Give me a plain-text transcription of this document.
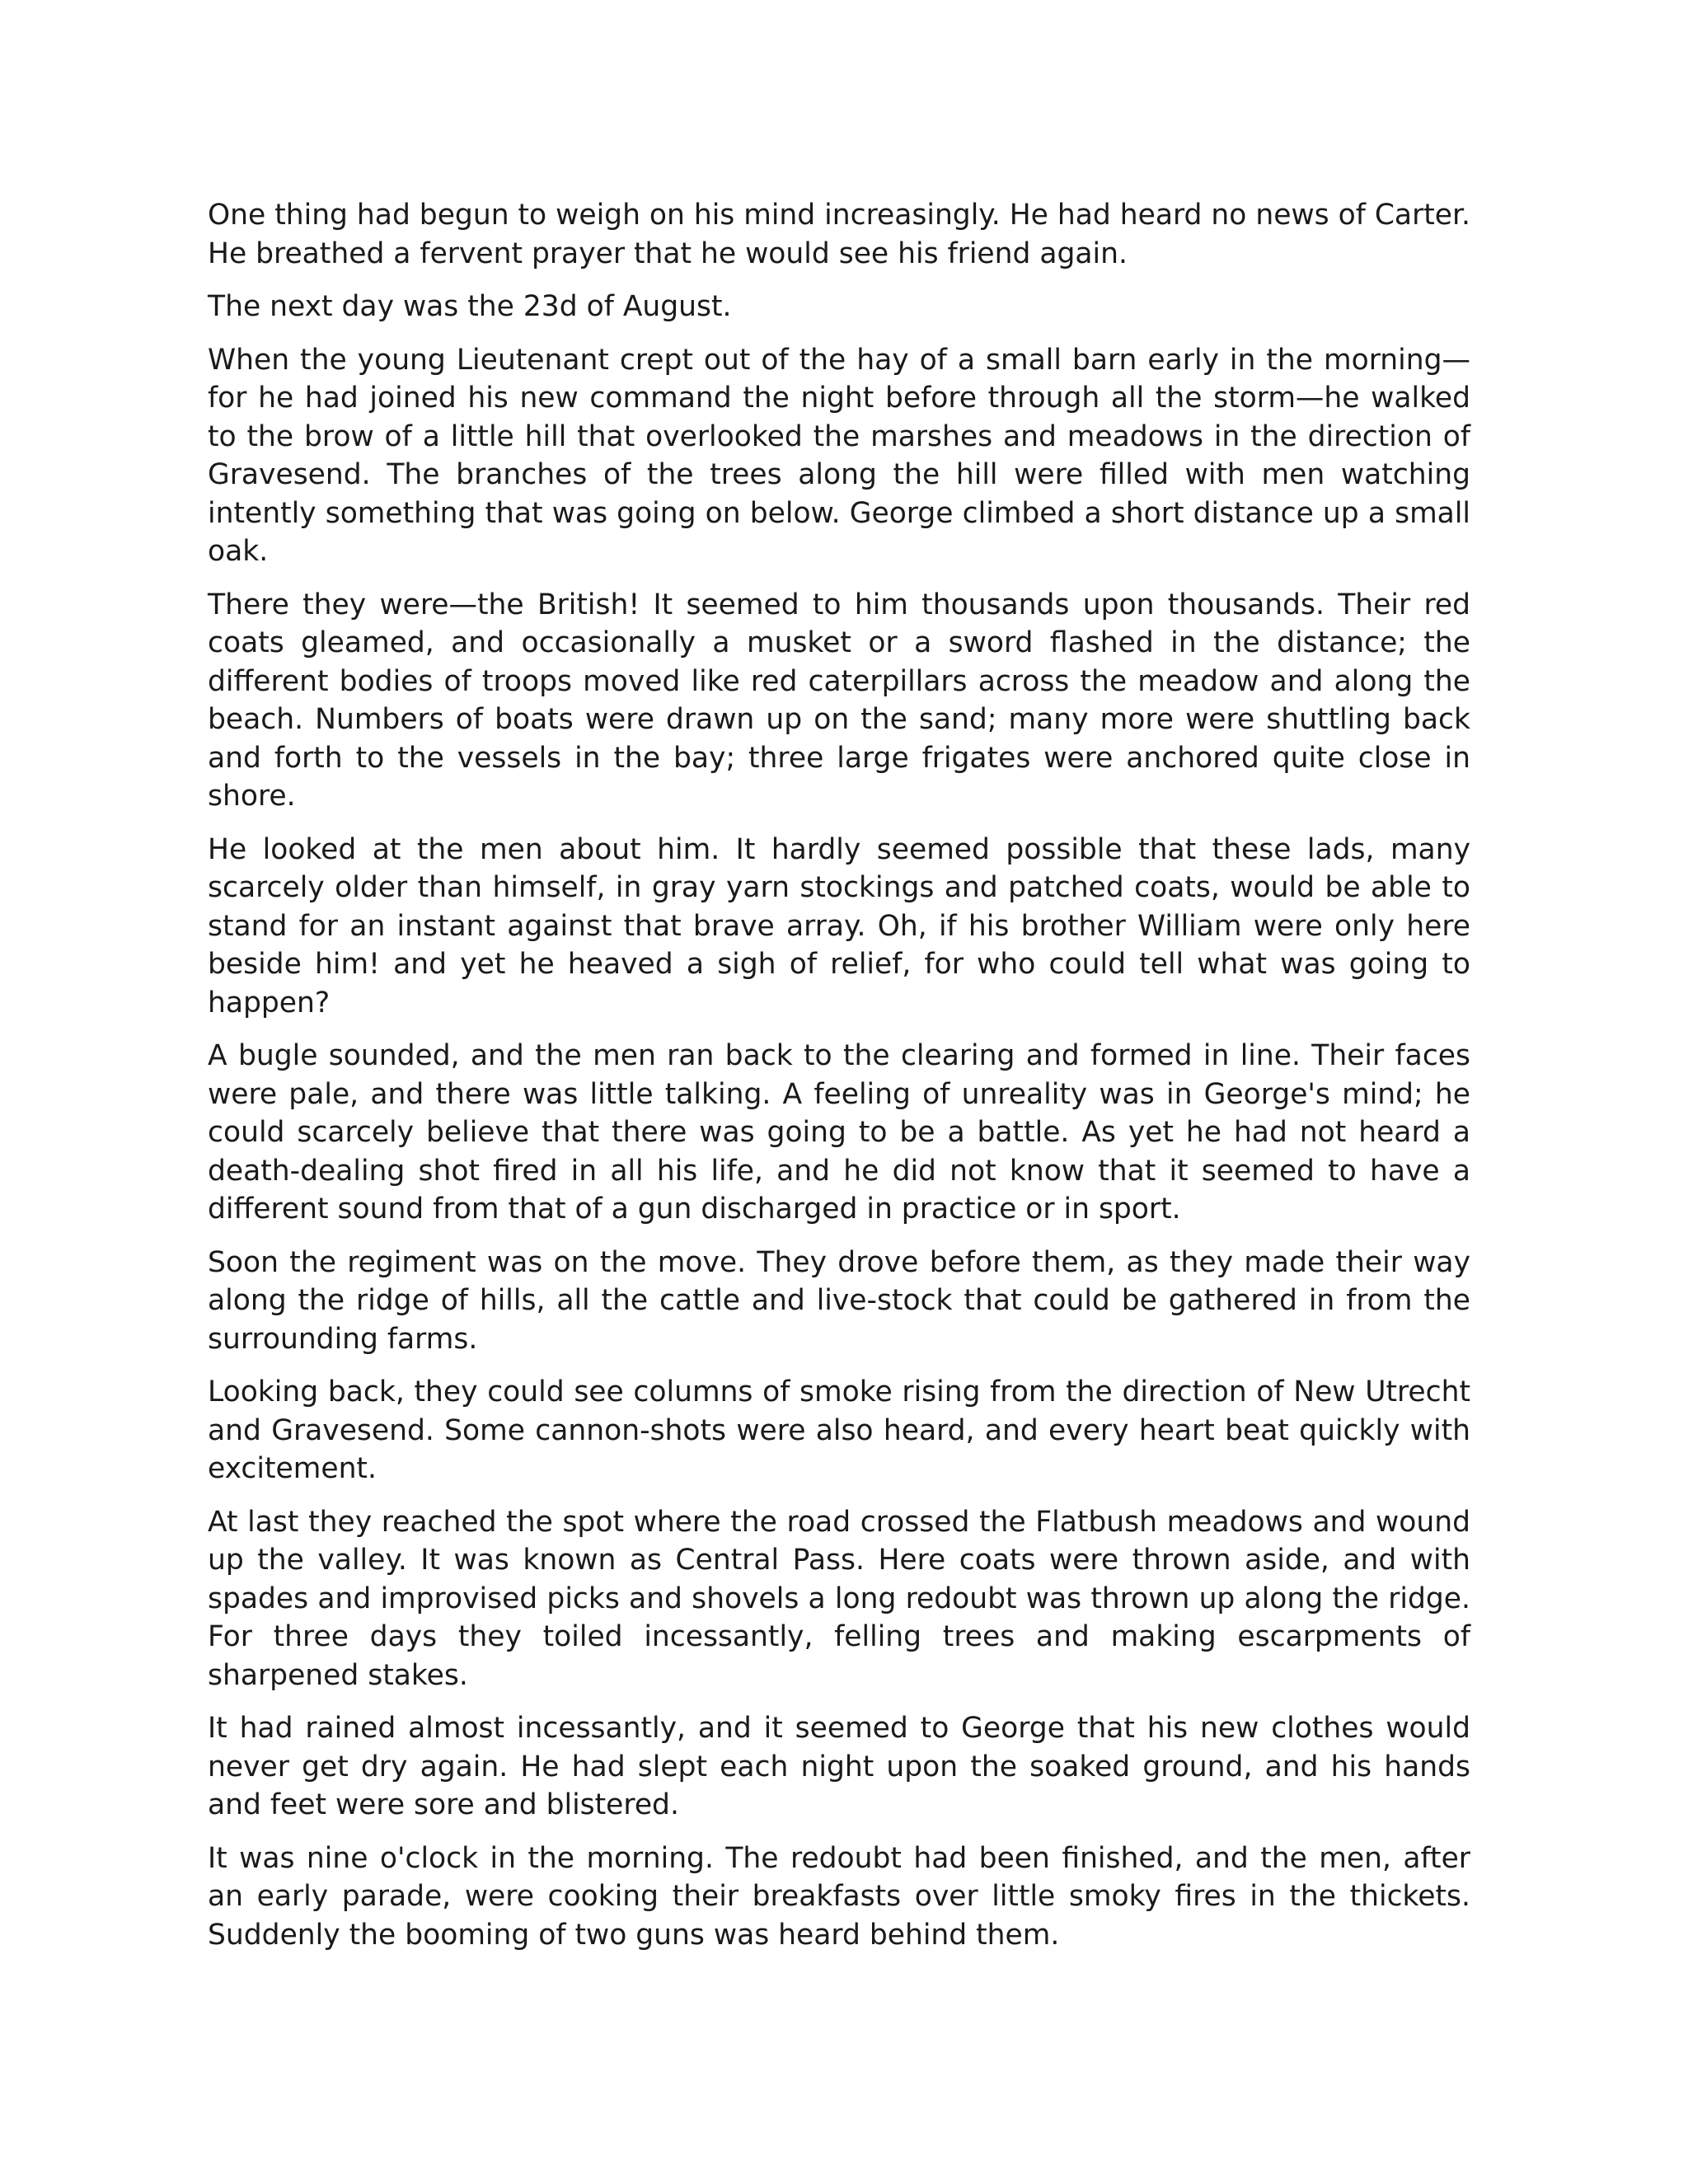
One thing had begun to weigh on his mind increasingly. He had heard no news of Carter. He breathed a fervent prayer that he would see his friend again.

The next day was the 23d of August.

When the young Lieutenant crept out of the hay of a small barn early in the morning—for he had joined his new command the night before through all the storm—he walked to the brow of a little hill that overlooked the marshes and meadows in the direction of Gravesend. The branches of the trees along the hill were filled with men watching intently something that was going on below. George climbed a short distance up a small oak.

There they were—the British! It seemed to him thousands upon thousands. Their red coats gleamed, and occasionally a musket or a sword flashed in the distance; the different bodies of troops moved like red caterpillars across the meadow and along the beach. Numbers of boats were drawn up on the sand; many more were shuttling back and forth to the vessels in the bay; three large frigates were anchored quite close in shore.

He looked at the men about him. It hardly seemed possible that these lads, many scarcely older than himself, in gray yarn stockings and patched coats, would be able to stand for an instant against that brave array. Oh, if his brother William were only here beside him! and yet he heaved a sigh of relief, for who could tell what was going to happen?

A bugle sounded, and the men ran back to the clearing and formed in line. Their faces were pale, and there was little talking. A feeling of unreality was in George's mind; he could scarcely believe that there was going to be a battle. As yet he had not heard a death-dealing shot fired in all his life, and he did not know that it seemed to have a different sound from that of a gun discharged in practice or in sport.

Soon the regiment was on the move. They drove before them, as they made their way along the ridge of hills, all the cattle and live-stock that could be gathered in from the surrounding farms.

Looking back, they could see columns of smoke rising from the direction of New Utrecht and Gravesend. Some cannon-shots were also heard, and every heart beat quickly with excitement.

At last they reached the spot where the road crossed the Flatbush meadows and wound up the valley. It was known as Central Pass. Here coats were thrown aside, and with spades and improvised picks and shovels a long redoubt was thrown up along the ridge. For three days they toiled incessantly, felling trees and making escarpments of sharpened stakes.

It had rained almost incessantly, and it seemed to George that his new clothes would never get dry again. He had slept each night upon the soaked ground, and his hands and feet were sore and blistered.

It was nine o'clock in the morning. The redoubt had been finished, and the men, after an early parade, were cooking their breakfasts over little smoky fires in the thickets. Suddenly the booming of two guns was heard behind them.
